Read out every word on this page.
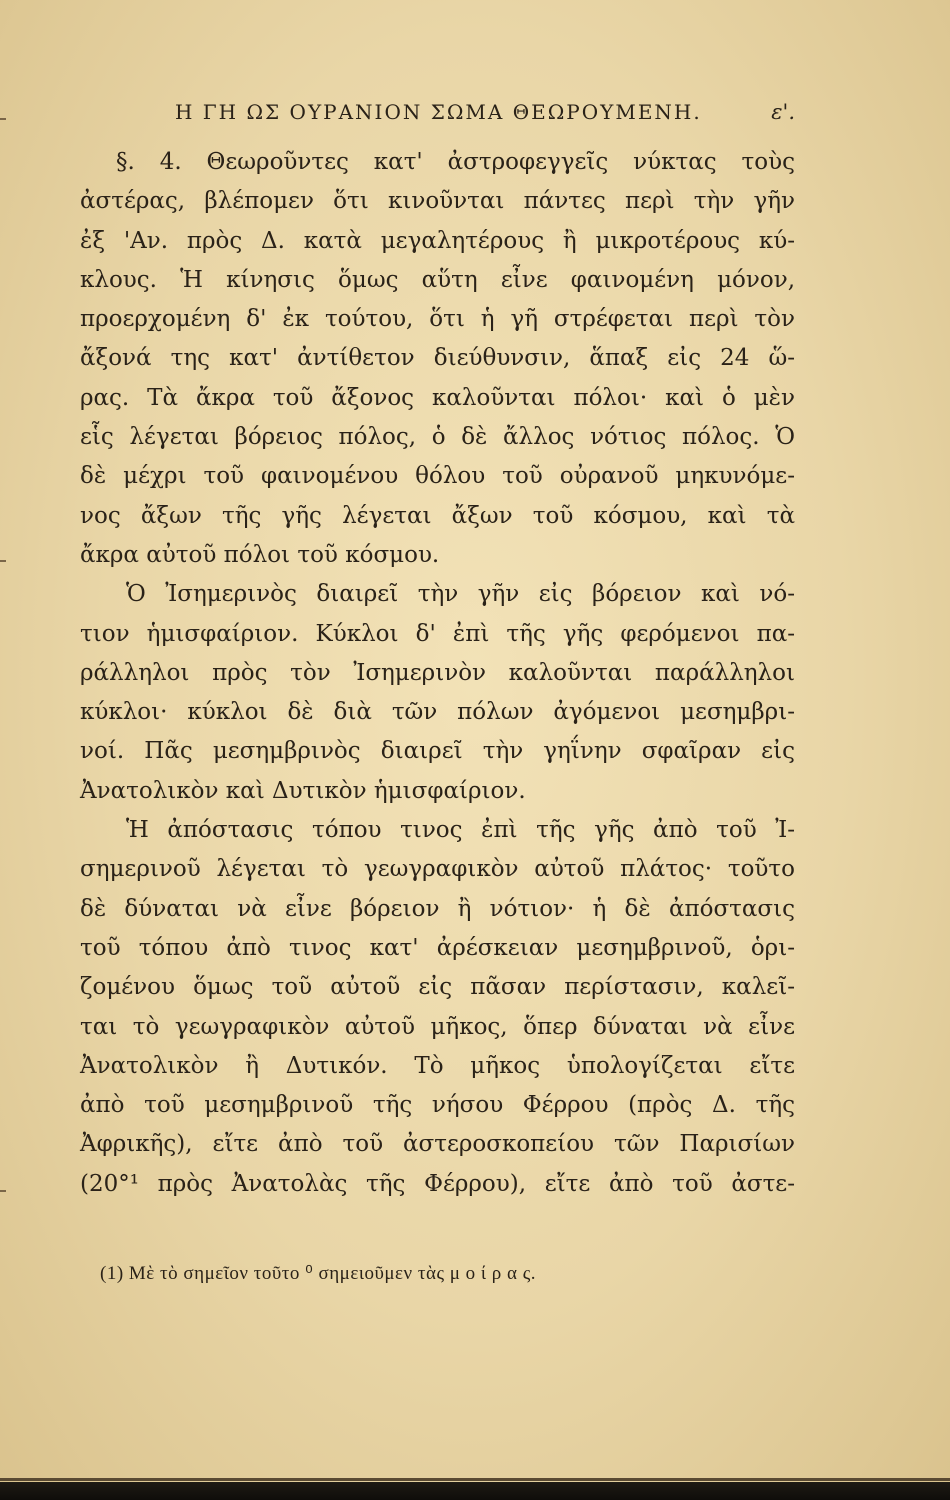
Η ΓΗ ΩΣ ΟΥΡΑΝΙΟΝ ΣΩΜΑ ΘΕΩΡΟΥΜΕΝΗ.	ε'.
§. 4. Θεωροῦντες κατ' ἀστροφεγγεῖς νύκτας τοὺς
ἀστέρας, βλέπομεν ὅτι κινοῦνται πάντες περὶ τὴν γῆν
ἐξ 'Αν. πρὸς Δ. κατὰ μεγαλητέρους ἢ μικροτέρους κύ-
κλους. Ἡ κίνησις ὅμως αὕτη εἶνε φαινομένη μόνον,
προερχομένη δ' ἐκ τούτου, ὅτι ἡ γῆ στρέφεται περὶ τὸν
ἄξονά της κατ' ἀντίθετον διεύθυνσιν, ἅπαξ εἰς 24 ὥ-
ρας. Τὰ ἄκρα τοῦ ἄξονος καλοῦνται πόλοι· καὶ ὁ μὲν
εἷς λέγεται βόρειος πόλος, ὁ δὲ ἄλλος νότιος πόλος. Ὁ
δὲ μέχρι τοῦ φαινομένου θόλου τοῦ οὐρανοῦ μηκυνόμε-
νος ἄξων τῆς γῆς λέγεται ἄξων τοῦ κόσμου, καὶ τὰ
ἄκρα αὐτοῦ πόλοι τοῦ κόσμου.
Ὁ Ἰσημερινὸς διαιρεῖ τὴν γῆν εἰς βόρειον καὶ νό-
τιον ἡμισφαίριον. Κύκλοι δ' ἐπὶ τῆς γῆς φερόμενοι πα-
ράλληλοι πρὸς τὸν Ἰσημερινὸν καλοῦνται παράλληλοι
κύκλοι· κύκλοι δὲ διὰ τῶν πόλων ἀγόμενοι μεσημβρι-
νοί. Πᾶς μεσημβρινὸς διαιρεῖ τὴν γηΐνην σφαῖραν εἰς
Ἀνατολικὸν καὶ Δυτικὸν ἡμισφαίριον.
Ἡ ἀπόστασις τόπου τινος ἐπὶ τῆς γῆς ἀπὸ τοῦ Ἰ-
σημερινοῦ λέγεται τὸ γεωγραφικὸν αὐτοῦ πλάτος· τοῦτο
δὲ δύναται νὰ εἶνε βόρειον ἢ νότιον· ἡ δὲ ἀπόστασις
τοῦ τόπου ἀπὸ τινος κατ' ἀρέσκειαν μεσημβρινοῦ, ὁρι-
ζομένου ὅμως τοῦ αὐτοῦ εἰς πᾶσαν περίστασιν, καλεῖ-
ται τὸ γεωγραφικὸν αὐτοῦ μῆκος, ὅπερ δύναται νὰ εἶνε
Ἀνατολικὸν ἢ Δυτικόν. Τὸ μῆκος ὑπολογίζεται εἴτε
ἀπὸ τοῦ μεσημβρινοῦ τῆς νήσου Φέρρου (πρὸς Δ. τῆς
Ἀφρικῆς), εἴτε ἀπὸ τοῦ ἀστεροσκοπείου τῶν Παρισίων
(20°¹ πρὸς Ἀνατολὰς τῆς Φέρρου), εἴτε ἀπὸ τοῦ ἀστε-
(1) Μὲ τὸ σημεῖον τοῦτο ⁰ σημειοῦμεν τὰς μ ο ί ρ α ς.
